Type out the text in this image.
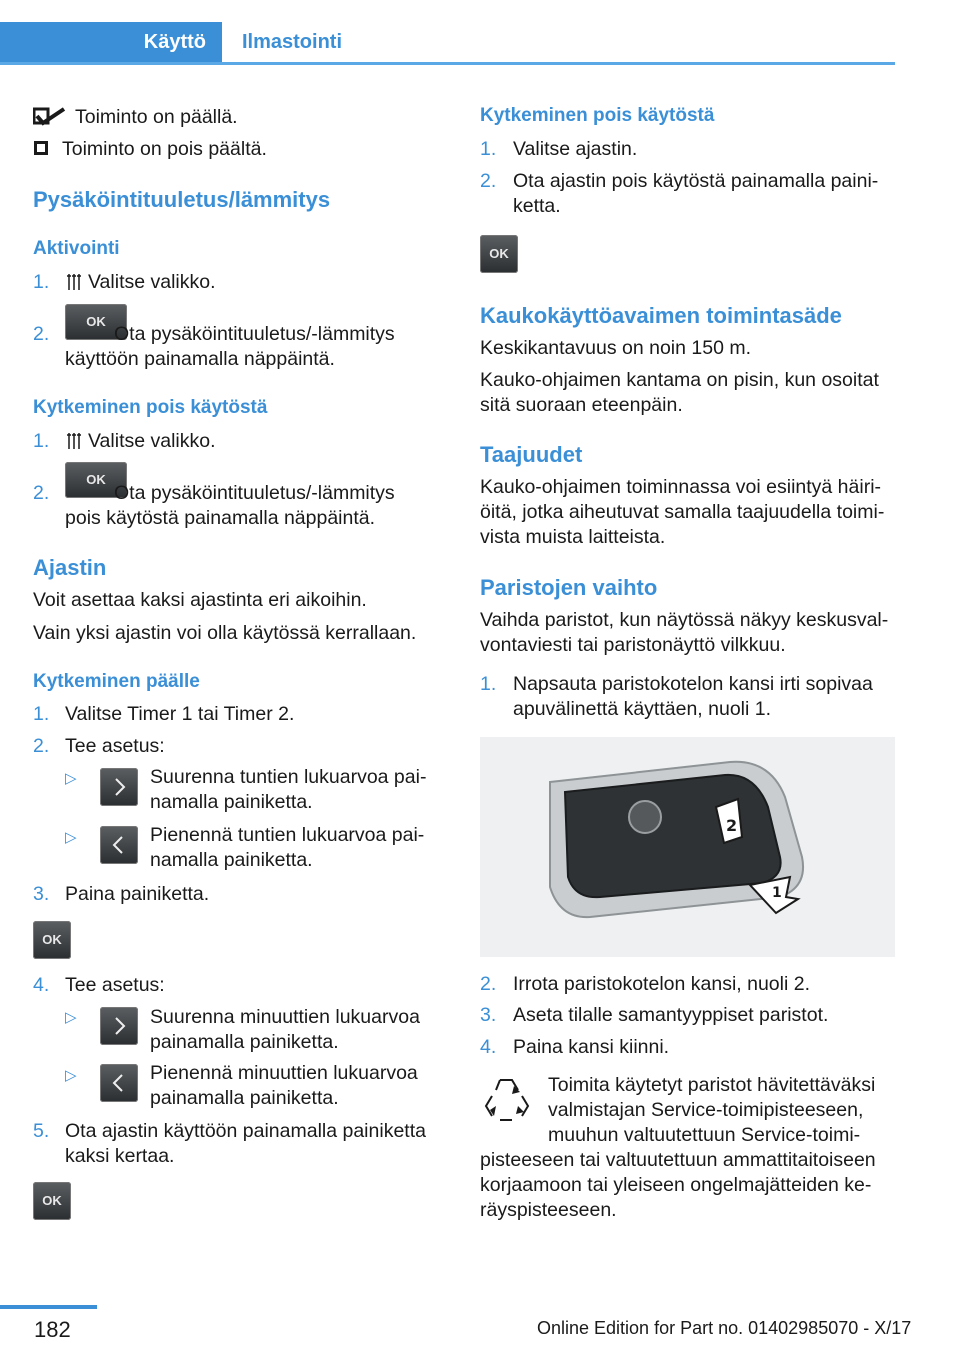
Käyttö	Ilmastointi
Toiminto on päällä.
Toiminto on pois päältä.
Pysäköintituuletus/lämmitys
Aktivointi
1. Valitse valikko.
2.
OK
Ota pysäköintituuletus/-lämmitys
käyttöön painamalla näppäintä.
Kytkeminen pois käytöstä
1. Valitse valikko.
2.
OK
Ota pysäköintituuletus/-lämmitys
pois käytöstä painamalla näppäintä.
Ajastin
Voit asettaa kaksi ajastinta eri aikoihin.
Vain yksi ajastin voi olla käytössä kerrallaan.
Kytkeminen päälle
1. Valitse Timer 1 tai Timer 2.
2. Tee asetus:
▷	Suurenna tuntien lukuarvoa pai-
namalla painiketta.
▷	Pienennä tuntien lukuarvoa pai-
namalla painiketta.
3. Paina painiketta.
OK
4. Tee asetus:
▷	Suurenna minuuttien lukuarvoa
painamalla painiketta.
▷	Pienennä minuuttien lukuarvoa
painamalla painiketta.
5. Ota ajastin käyttöön painamalla painiketta
kaksi kertaa.
OK
Kytkeminen pois käytöstä
1. Valitse ajastin.
2. Ota ajastin pois käytöstä painamalla paini-
ketta.
OK
Kaukokäyttöavaimen toimintasäde
Keskikantavuus on noin 150 m.
Kauko-ohjaimen kantama on pisin, kun osoitat
sitä suoraan eteenpäin.
Taajuudet
Kauko-ohjaimen toiminnassa voi esiintyä häiri-
öitä, jotka aiheutuvat samalla taajuudella toimi-
vista muista laitteista.
Paristojen vaihto
Vaihda paristot, kun näytössä näkyy keskusval-
vontaviesti tai paristonäyttö vilkkuu.
1. Napsauta paristokotelon kansi irti sopivaa
apuvälinettä käyttäen, nuoli 1.
2
1
2. Irrota paristokotelon kansi, nuoli 2.
3. Aseta tilalle samantyyppiset paristot.
4. Paina kansi kiinni.
Toimita käytetyt paristot hävitettäväksi
valmistajan Service-toimipisteeseen,
muuhun valtuutettuun Service-toimi-
pisteeseen tai valtuutettuun ammattitaitoiseen
korjaamoon tai yleiseen ongelmajätteiden ke-
räyspisteeseen.
182	Online Edition for Part no. 01402985070 - X/17
